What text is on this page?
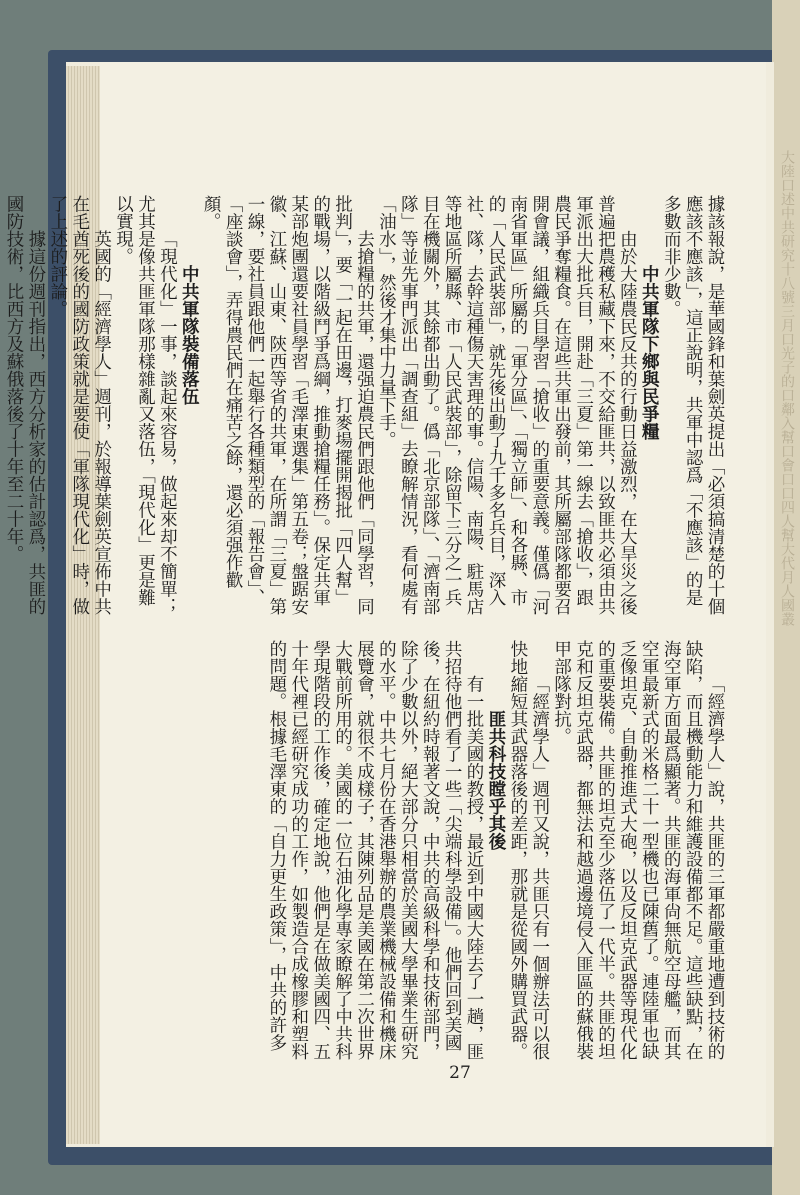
大陸口述中共研究十八號三月口光子的口鄰入幫口會口口四人幫大代月人國叢

據該報說，是華國鋒和葉劍英提出「必須搞清楚的十個應該不應該」，這正說明，共軍中認爲「不應該」的是多數而非少數。

中共軍隊下鄉與民爭糧

由於大陸農民反共的行動日益激烈，在大旱災之後普遍把農穫私藏下來，不交給匪共，以致匪共必須由共軍派出大批兵目，開赴「三夏」第一線去「搶收」，跟農民爭奪糧食。在這些共軍出發前，其所屬部隊都要召開會議，組織兵目學習「搶收」的重要意義。僅僞「河南省軍區」所屬的「軍分區」、「獨立師」、和各縣、市的「人民武裝部」，就先後出動了九千多名兵目，深入社、隊，去幹這種傷天害理的事。信陽、南陽、駐馬店等地區所屬縣、市「人民武裝部」，除留下三分之一兵目在機關外，其餘都出動了。僞「北京部隊」、「濟南部隊」等並先事門派出「調查組」去瞭解情況，看何處有「油水」，然後才集中力量下手。

去搶糧的共軍，還强迫農民們跟他們「同學習，同批判」，要「一起在田邊，打麥場擺開揭批「四人幫」的戰場，以階級鬥爭爲綱，推動搶糧任務」。保定共軍某部炮團還要社員學習「毛澤東選集」第五卷；盤踞安徽、江蘇、山東、陝西等省的共軍，在所謂「三夏」第一線，要社員跟他們一起舉行各種類型的「報告會」、「座談會」，弄得農民們在痛苦之餘，還必須强作歡顏。

中共軍隊裝備落伍

「現代化」一事，談起來容易，做起來却不簡單；尤其是像共匪軍隊那樣雜亂又落伍，「現代化」更是難以實現。

英國的「經濟學人」週刊，於報導葉劍英宣佈中共在毛酋死後的國防政策就是要使「軍隊現代化」時，做了上述的評論。

據這份週刊指出，西方分析家的估計認爲，共匪的國防技術，比西方及蘇俄落後了十年至二十年。

「經濟學人」說，共匪的三軍都嚴重地遭到技術的缺陷，而且機動能力和維護設備都不足。這些缺點，在海空軍方面最爲顯著。共匪的海軍尙無航空母艦，而其空軍最新式的米格二十一型機也已陳舊了。連陸軍也缺乏像坦克、自動推進式大砲，以及反坦克武器等現代化的重要裝備。共匪的坦克至少落伍了一代半。共匪的坦克和反坦克武器，都無法和越過邊境侵入匪區的蘇俄裝甲部隊對抗。

「經濟學人」週刊又說，共匪只有一個辦法可以很快地縮短其武器落後的差距，那就是從國外購買武器。

匪共科技瞠乎其後

有一批美國的教授，最近到中國大陸去了一趟，匪共招待他們看了一些「尖端科學設備」。他們回到美國後，在紐約時報著文說，中共的高級科學和技術部門，除了少數以外，絕大部分只相當於美國大學畢業生研究的水平。中共七月份在香港舉辦的農業機械設備和機床展覽會，就很不成樣子，其陳列品是美國在第二次世界大戰前所用的。美國的一位石油化學專家瞭解了中共科學現階段的工作後，確定地說，他們是在做美國四、五十年代裡已經研究成功的工作，如製造合成橡膠和塑料的問題。根據毛澤東的「自力更生政策」，中共的許多

27
